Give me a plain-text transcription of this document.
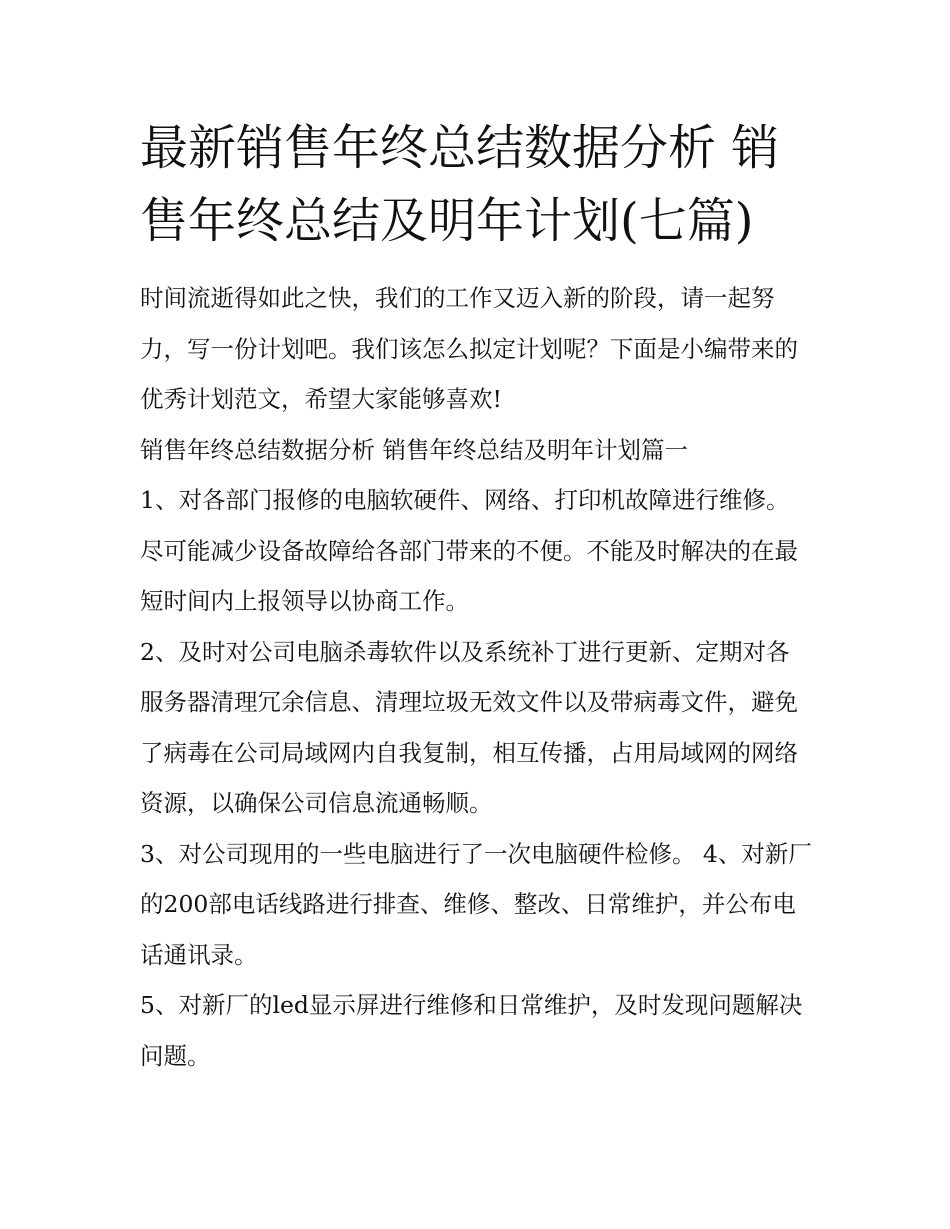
最新销售年终总结数据分析 销售年终总结及明年计划(七篇)

时间流逝得如此之快，我们的工作又迈入新的阶段，请一起努力，写一份计划吧。我们该怎么拟定计划呢？下面是小编带来的优秀计划范文，希望大家能够喜欢!

销售年终总结数据分析 销售年终总结及明年计划篇一

1、对各部门报修的电脑软硬件、网络、打印机故障进行维修。尽可能减少设备故障给各部门带来的不便。不能及时解决的在最短时间内上报领导以协商工作。

2、及时对公司电脑杀毒软件以及系统补丁进行更新、定期对各服务器清理冗余信息、清理垃圾无效文件以及带病毒文件，避免了病毒在公司局域网内自我复制，相互传播，占用局域网的网络资源，以确保公司信息流通畅顺。

3、对公司现用的一些电脑进行了一次电脑硬件检修。 4、对新厂的200部电话线路进行排查、维修、整改、日常维护，并公布电话通讯录。

5、对新厂的led显示屏进行维修和日常维护，及时发现问题解决问题。
